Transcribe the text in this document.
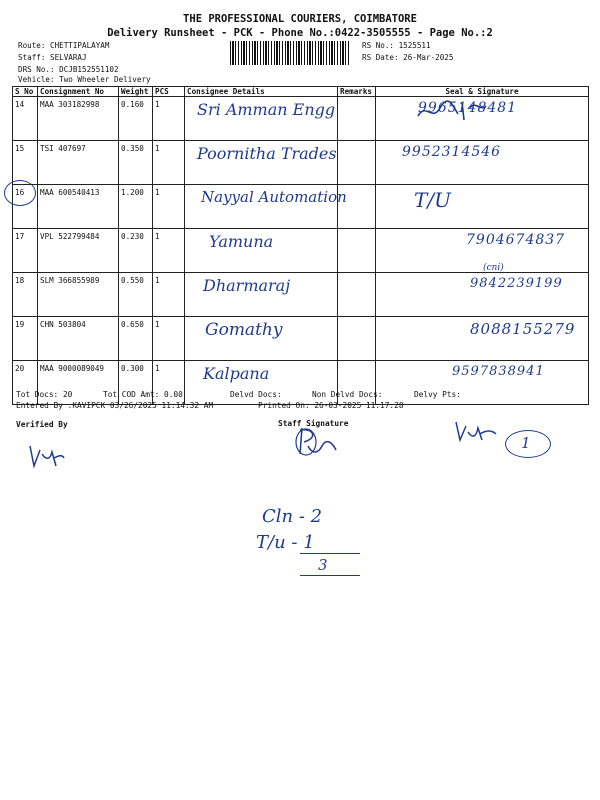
THE PROFESSIONAL COURIERS, COIMBATORE
Delivery Runsheet - PCK - Phone No.:0422-3505555 - Page No.:2
Route: CHETTIPALAYAM
Staff: SELVARAJ
DRS No.: DCJB152551102
Vehicle: Two Wheeler Delivery
RS No.: 1525511
RS Date: 26-Mar-2025
S No	Consignment No	Weight	PCS	Consignee Details	Remarks	Seal & Signature
14	MAA 303182998	0.160	1	Sri Amman Engg		9965148481
15	TSI 407697	0.350	1	Poornitha Trades		9952314546
16	MAA 600540413	1.200	1	Nayyal Automation		T/U
17	VPL 522799484	0.230	1	Yamuna		7904674837
18	SLM 366855989	0.550	1	Dharmaraj		9842239199
19	CHN 503804	0.650	1	Gomathy		8088155279
20	MAA 9000089049	0.300	1	Kalpana		9597838941
(cni)
Tot Docs: 20	Tot COD Amt: 0.00	Delvd Docs:	Non Delvd Docs:	Delvy Pts:
Entered By :KAVIPCK 03/26/2025 11:14:32 AM	Printed On: 26-03-2025 11:17:28
Verified By	Staff Signature
1
Cln - 2
T/u - 1
3
